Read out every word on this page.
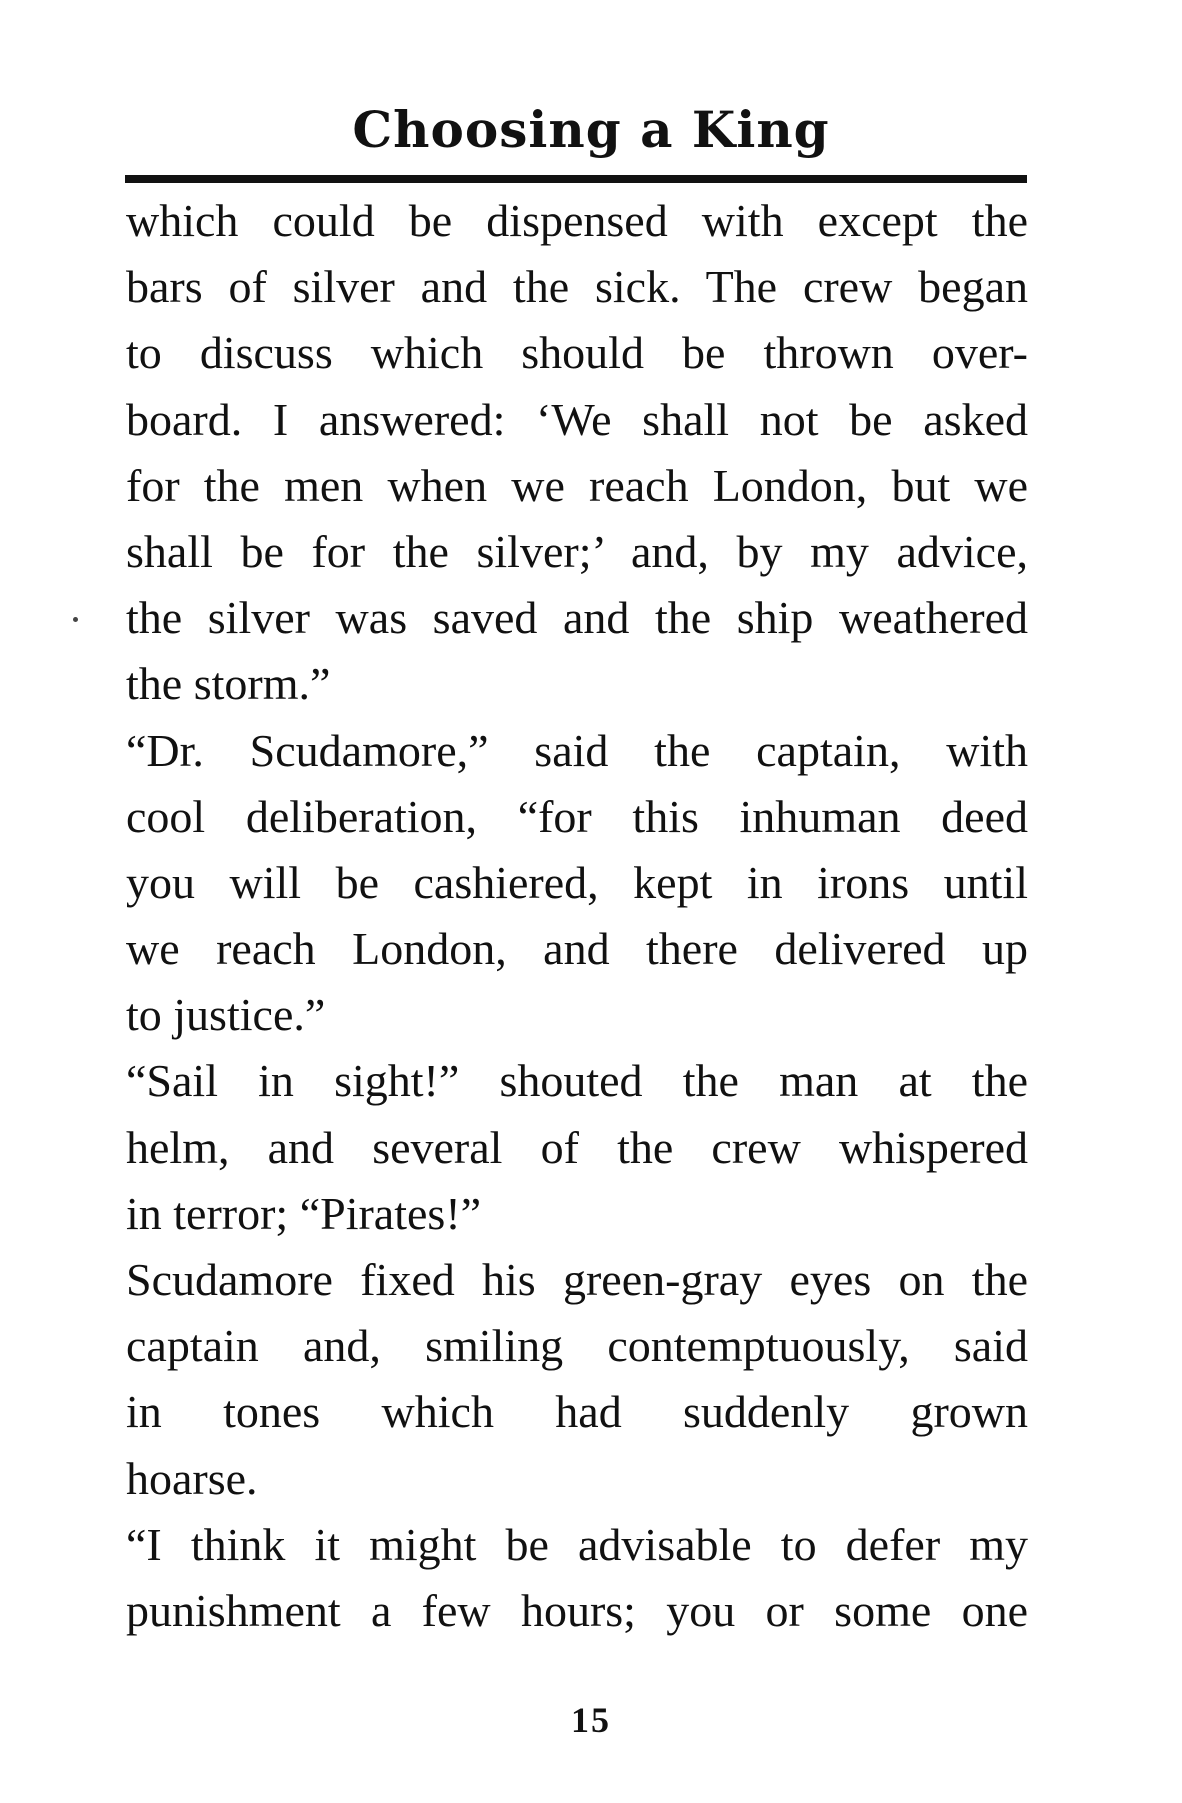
Choosing a King
which could be dispensed with except the
bars of silver and the sick. The crew began
to discuss which should be thrown over-
board. I answered: ‘We shall not be asked
for the men when we reach London, but we
shall be for the silver;’ and, by my advice,
the silver was saved and the ship weathered
the storm.”
“Dr. Scudamore,” said the captain, with
cool deliberation, “for this inhuman deed
you will be cashiered, kept in irons until
we reach London, and there delivered up
to justice.”
“Sail in sight!” shouted the man at the
helm, and several of the crew whispered
in terror; “Pirates!”
Scudamore fixed his green-gray eyes on the
captain and, smiling contemptuously, said
in tones which had suddenly grown
hoarse.
“I think it might be advisable to defer my
punishment a few hours; you or some one
15
